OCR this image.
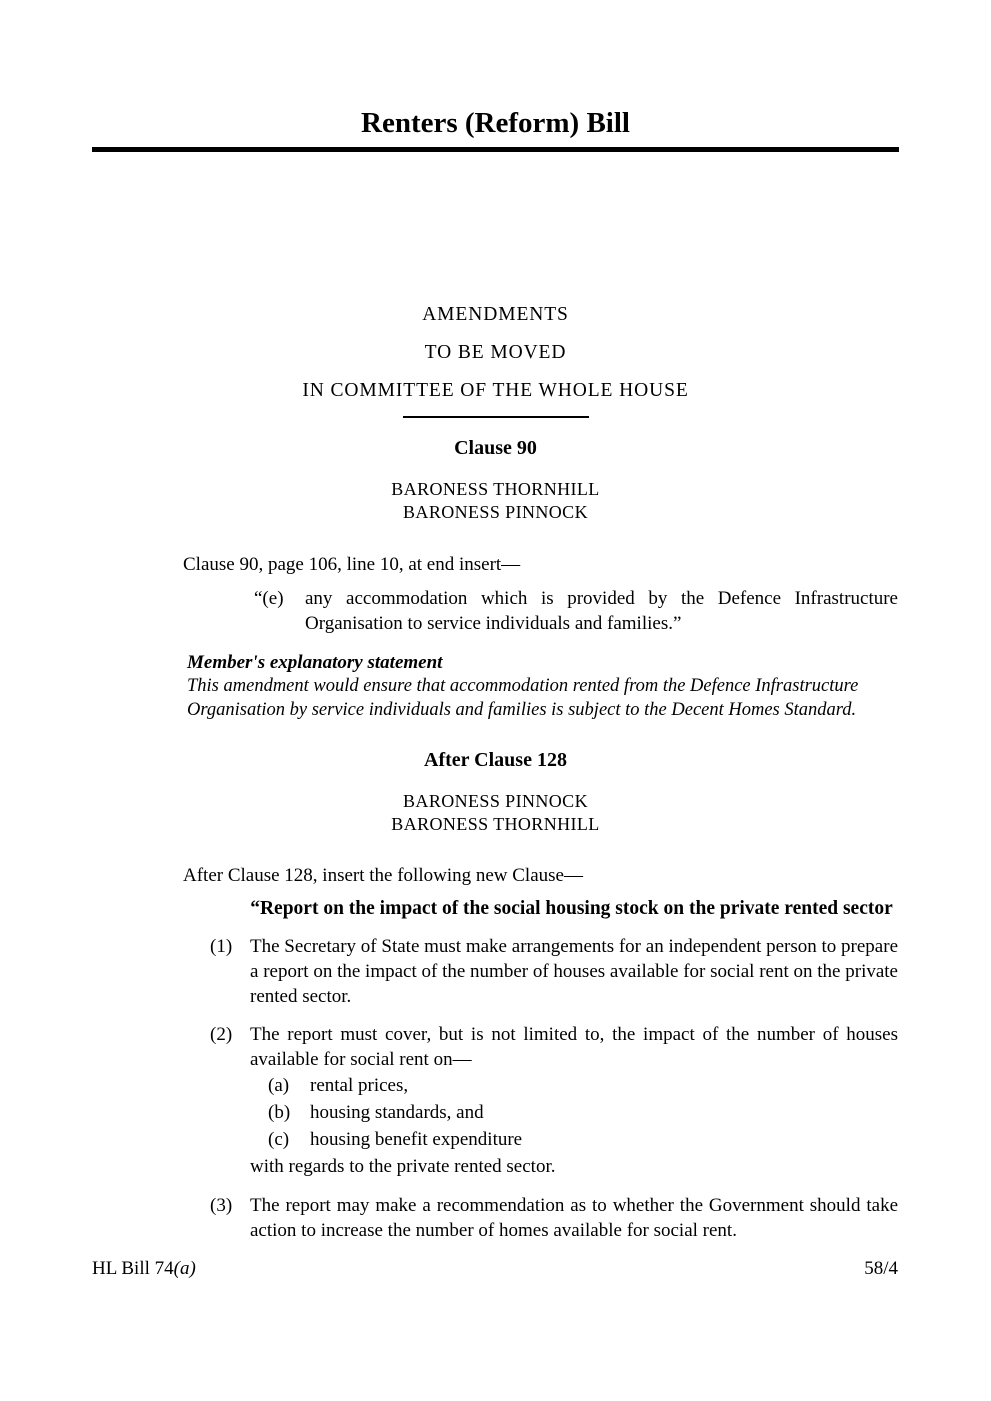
Renters (Reform) Bill
AMENDMENTS
TO BE MOVED
IN COMMITTEE OF THE WHOLE HOUSE
Clause 90
BARONESS THORNHILL
BARONESS PINNOCK
Clause 90, page 106, line 10, at end insert—
“(e) any accommodation which is provided by the Defence Infrastructure Organisation to service individuals and families.”
Member's explanatory statement
This amendment would ensure that accommodation rented from the Defence Infrastructure Organisation by service individuals and families is subject to the Decent Homes Standard.
After Clause 128
BARONESS PINNOCK
BARONESS THORNHILL
After Clause 128, insert the following new Clause—
“Report on the impact of the social housing stock on the private rented sector
(1) The Secretary of State must make arrangements for an independent person to prepare a report on the impact of the number of houses available for social rent on the private rented sector.
(2) The report must cover, but is not limited to, the impact of the number of houses available for social rent on—
(a) rental prices,
(b) housing standards, and
(c) housing benefit expenditure
with regards to the private rented sector.
(3) The report may make a recommendation as to whether the Government should take action to increase the number of homes available for social rent.
HL Bill 74(a)	58/4
